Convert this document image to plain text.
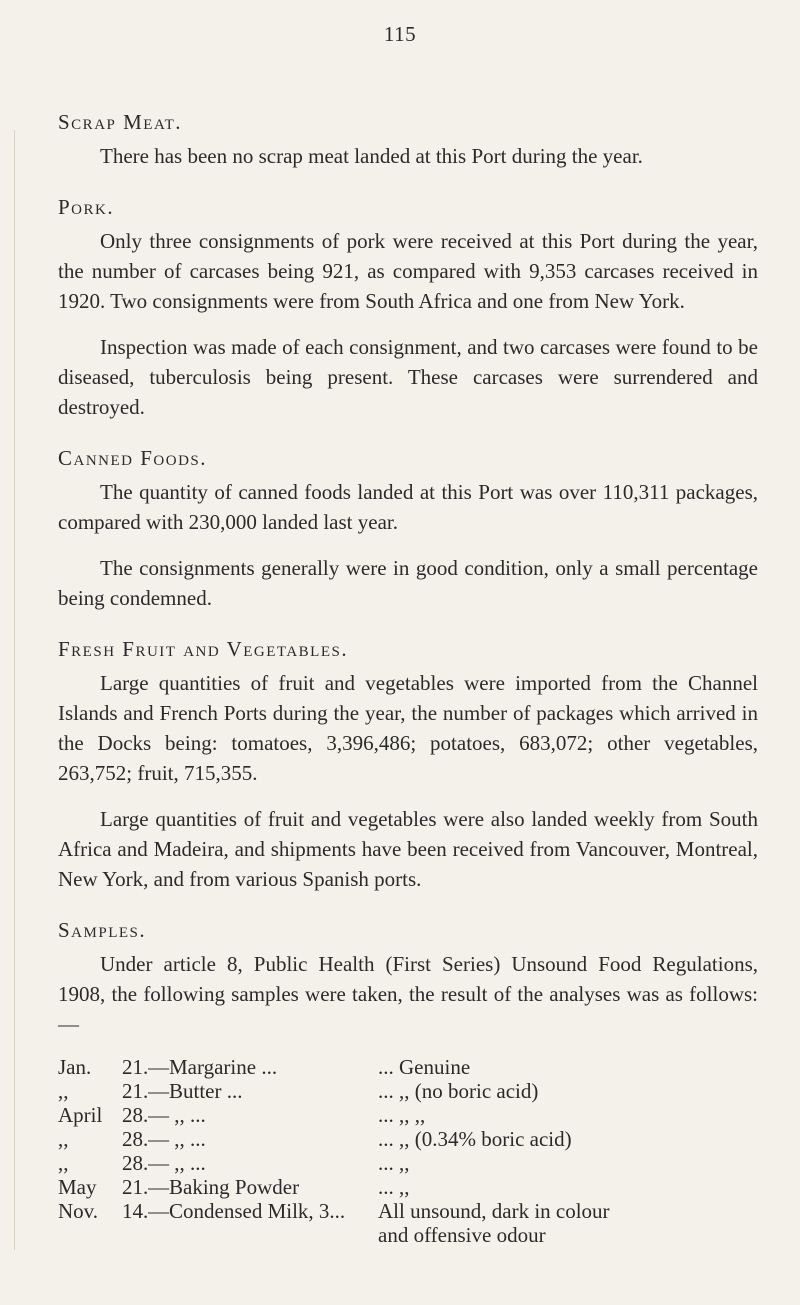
115
Scrap Meat.

There has been no scrap meat landed at this Port during the year.

Pork.

Only three consignments of pork were received at this Port during the year, the number of carcases being 921, as compared with 9,353 carcases received in 1920. Two consignments were from South Africa and one from New York.

Inspection was made of each consignment, and two carcases were found to be diseased, tuberculosis being present. These carcases were surrendered and destroyed.

Canned Foods.

The quantity of canned foods landed at this Port was over 110,311 packages, compared with 230,000 landed last year.

The consignments generally were in good condition, only a small percentage being condemned.

Fresh Fruit and Vegetables.

Large quantities of fruit and vegetables were imported from the Channel Islands and French Ports during the year, the number of packages which arrived in the Docks being: tomatoes, 3,396,486; potatoes, 683,072; other vegetables, 263,752; fruit, 715,355.

Large quantities of fruit and vegetables were also landed weekly from South Africa and Madeira, and shipments have been received from Vancouver, Montreal, New York, and from various Spanish ports.

Samples.

Under article 8, Public Health (First Series) Unsound Food Regulations, 1908, the following samples were taken, the result of the analyses was as follows:—

Jan.	21. —Margarine ...	... Genuine
,,	21. —Butter ...	... ,, (no boric acid)
April 28. — ,, ...	... ,, ,,
,,	28. — ,, ...	... ,, (0.34% boric acid)
,,	28. — ,, ...	... ,,
May	21. —Baking Powder	... ,,
Nov.	14. —Condensed Milk, 3...	All unsound, dark in colour
and offensive odour
